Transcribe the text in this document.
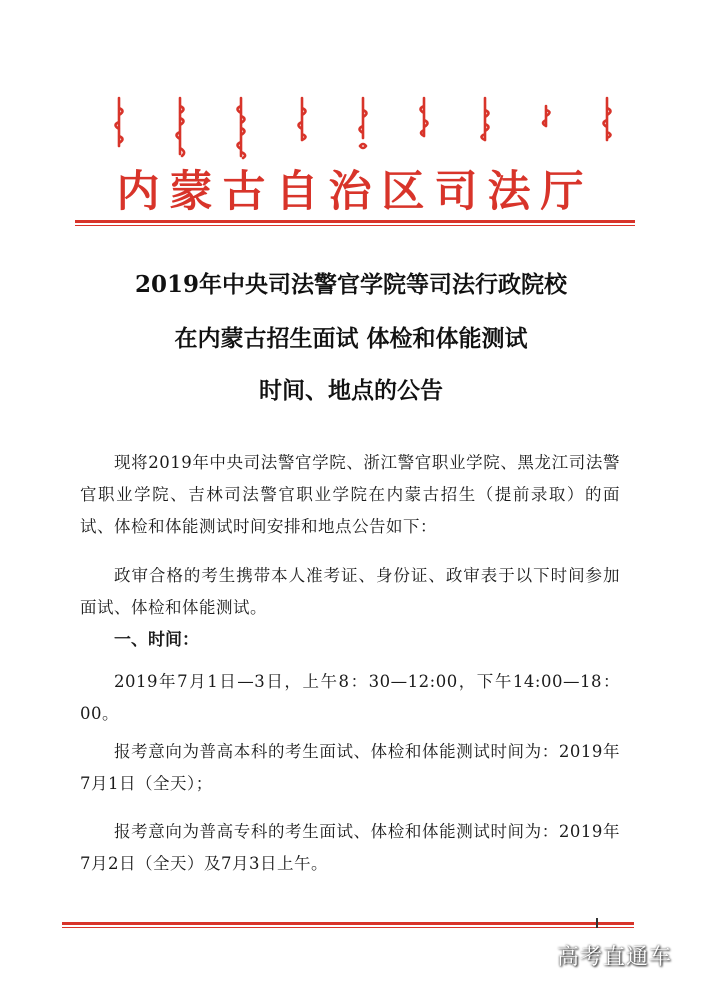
内蒙古自治区司法厅
2019年中央司法警官学院等司法行政院校
在内蒙古招生面试 体检和体能测试
时间、地点的公告
现将2019年中央司法警官学院、浙江警官职业学院、黑龙江司法警官职业学院、吉林司法警官职业学院在内蒙古招生（提前录取）的面试、体检和体能测试时间安排和地点公告如下：
政审合格的考生携带本人准考证、身份证、政审表于以下时间参加面试、体检和体能测试。
一、时间：
2019年7月1日—3日，上午8：30—12:00，下午14:00—18：00。
报考意向为普高本科的考生面试、体检和体能测试时间为：2019年7月1日（全天）；
报考意向为普高专科的考生面试、体检和体能测试时间为：2019年7月2日（全天）及7月3日上午。
高考直通车
